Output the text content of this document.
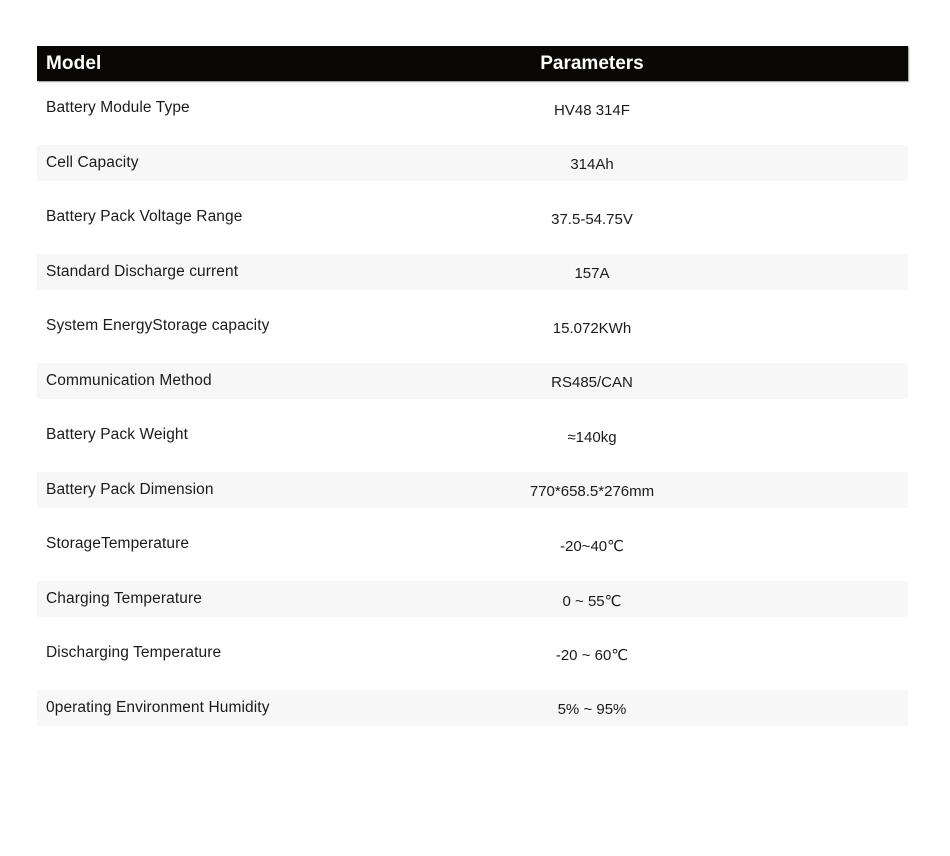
Model	Parameters
Battery Module Type	HV48 314F
Cell Capacity	314Ah
Battery Pack Voltage Range	37.5-54.75V
Standard Discharge current	157A
System EnergyStorage capacity	15.072KWh
Communication Method	RS485/CAN
Battery Pack Weight	≈140kg
Battery Pack Dimension	770*658.5*276mm
StorageTemperature	-20~40℃
Charging Temperature	0 ~ 55℃
Discharging Temperature	-20 ~ 60℃
0perating Environment Humidity	5% ~ 95%
